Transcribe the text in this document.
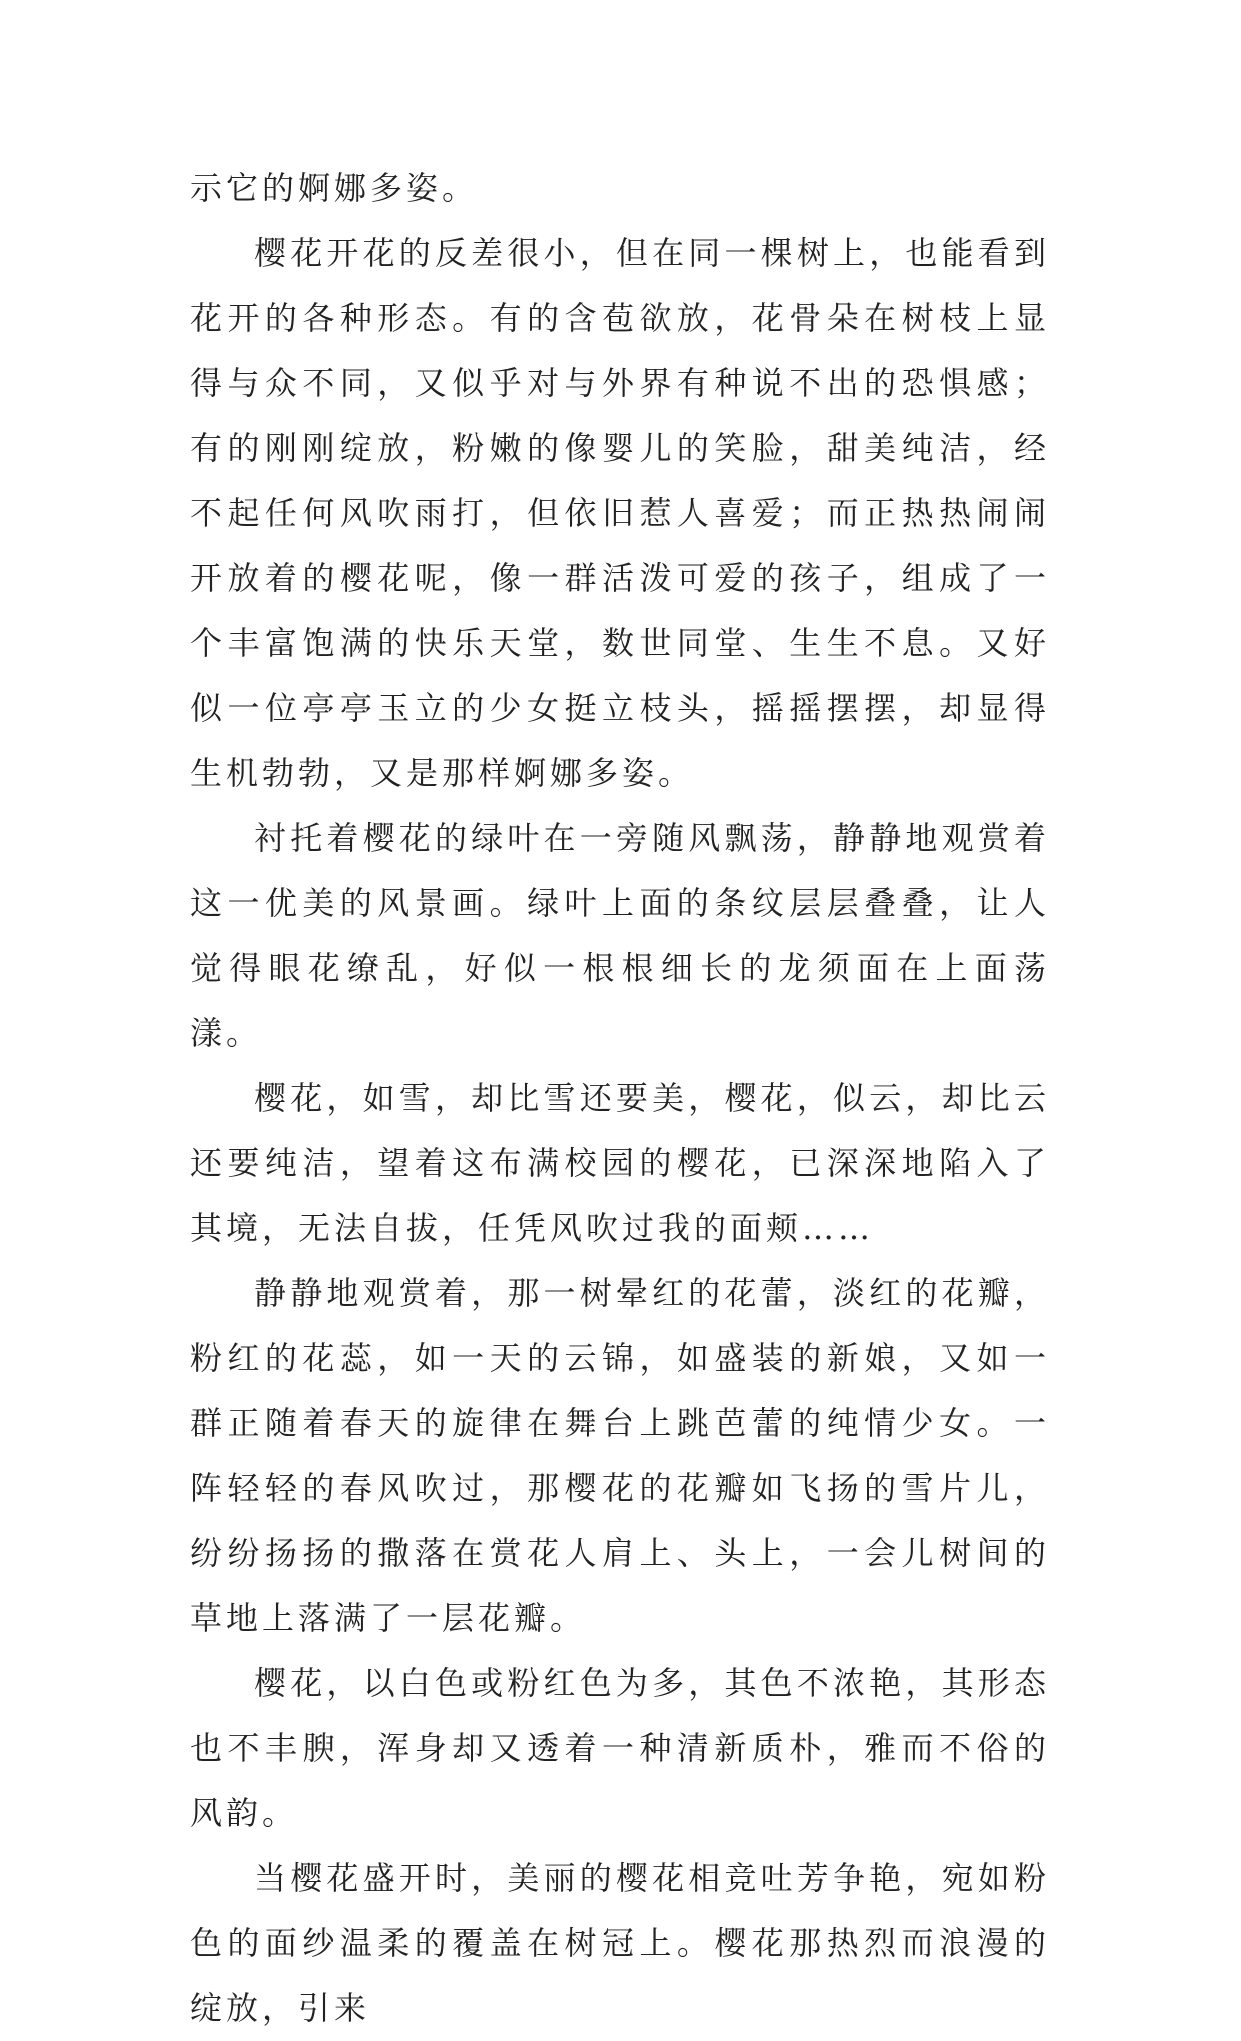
示它的婀娜多姿。

樱花开花的反差很小，但在同一棵树上，也能看到花开的各种形态。有的含苞欲放，花骨朵在树枝上显得与众不同，又似乎对与外界有种说不出的恐惧感；有的刚刚绽放，粉嫩的像婴儿的笑脸，甜美纯洁，经不起任何风吹雨打，但依旧惹人喜爱；而正热热闹闹开放着的樱花呢，像一群活泼可爱的孩子，组成了一个丰富饱满的快乐天堂，数世同堂、生生不息。又好似一位亭亭玉立的少女挺立枝头，摇摇摆摆，却显得生机勃勃，又是那样婀娜多姿。

衬托着樱花的绿叶在一旁随风飘荡，静静地观赏着这一优美的风景画。绿叶上面的条纹层层叠叠，让人觉得眼花缭乱，好似一根根细长的龙须面在上面荡漾。

樱花，如雪，却比雪还要美，樱花，似云，却比云还要纯洁，望着这布满校园的樱花，已深深地陷入了其境，无法自拔，任凭风吹过我的面颊……

静静地观赏着，那一树晕红的花蕾，淡红的花瓣，粉红的花蕊，如一天的云锦，如盛装的新娘，又如一群正随着春天的旋律在舞台上跳芭蕾的纯情少女。一阵轻轻的春风吹过，那樱花的花瓣如飞扬的雪片儿，纷纷扬扬的撒落在赏花人肩上、头上，一会儿树间的草地上落满了一层花瓣。

樱花，以白色或粉红色为多，其色不浓艳，其形态也不丰腴，浑身却又透着一种清新质朴，雅而不俗的风韵。

当樱花盛开时，美丽的樱花相竞吐芳争艳，宛如粉色的面纱温柔的覆盖在树冠上。樱花那热烈而浪漫的绽放，引来
